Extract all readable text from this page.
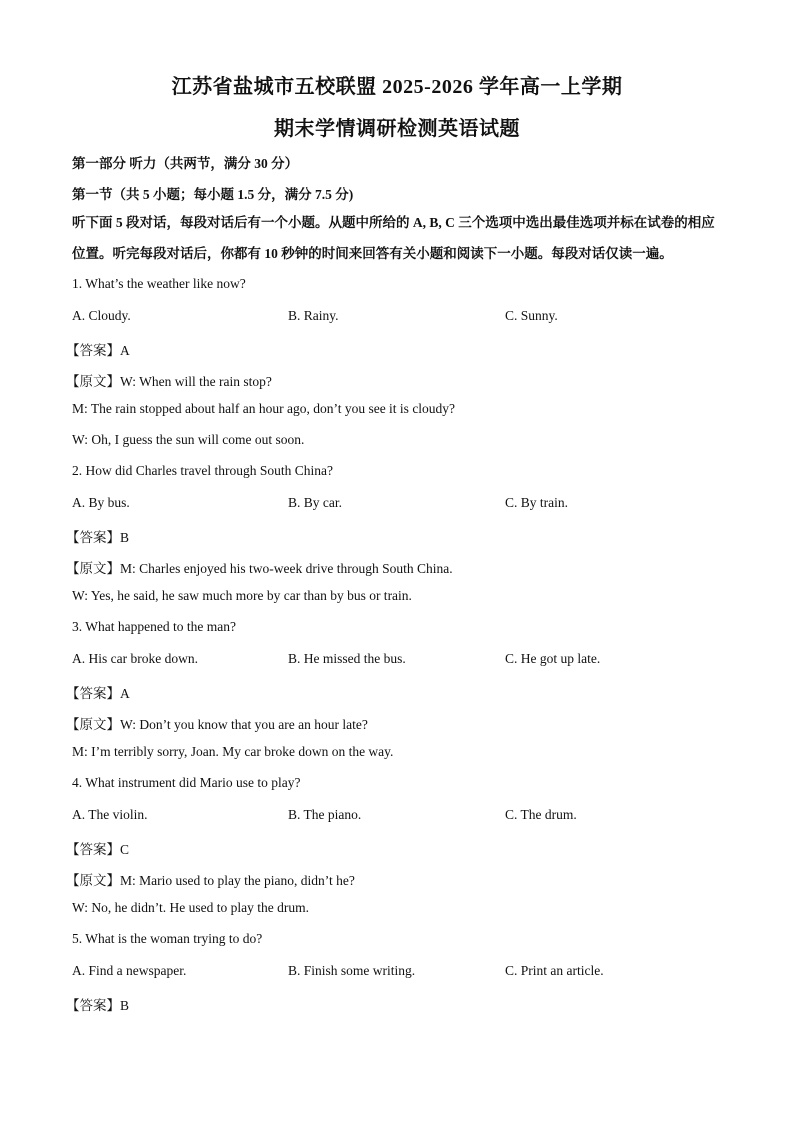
江苏省盐城市五校联盟 2025-2026 学年高一上学期
期末学情调研检测英语试题
第一部分 听力（共两节，满分 30 分）
第一节（共 5 小题；每小题 1.5 分，满分 7.5 分)
听下面 5 段对话，每段对话后有一个小题。从题中所给的 A, B, C 三个选项中选出最佳选项并标在试卷的相应位置。听完每段对话后，你都有 10 秒钟的时间来回答有关小题和阅读下一小题。每段对话仅读一遍。
1. What’s the weather like now?
A. Cloudy.	B. Rainy.	C. Sunny.
【答案】A
【原文】W: When will the rain stop?
M: The rain stopped about half an hour ago, don’t you see it is cloudy?
W: Oh, I guess the sun will come out soon.
2. How did Charles travel through South China?
A. By bus.	B. By car.	C. By train.
【答案】B
【原文】M: Charles enjoyed his two-week drive through South China.
W: Yes, he said, he saw much more by car than by bus or train.
3. What happened to the man?
A. His car broke down.	B. He missed the bus.	C. He got up late.
【答案】A
【原文】W: Don’t you know that you are an hour late?
M: I’m terribly sorry, Joan. My car broke down on the way.
4. What instrument did Mario use to play?
A. The violin.	B. The piano.	C. The drum.
【答案】C
【原文】M: Mario used to play the piano, didn’t he?
W: No, he didn’t. He used to play the drum.
5. What is the woman trying to do?
A. Find a newspaper.	B. Finish some writing.	C. Print an article.
【答案】B
